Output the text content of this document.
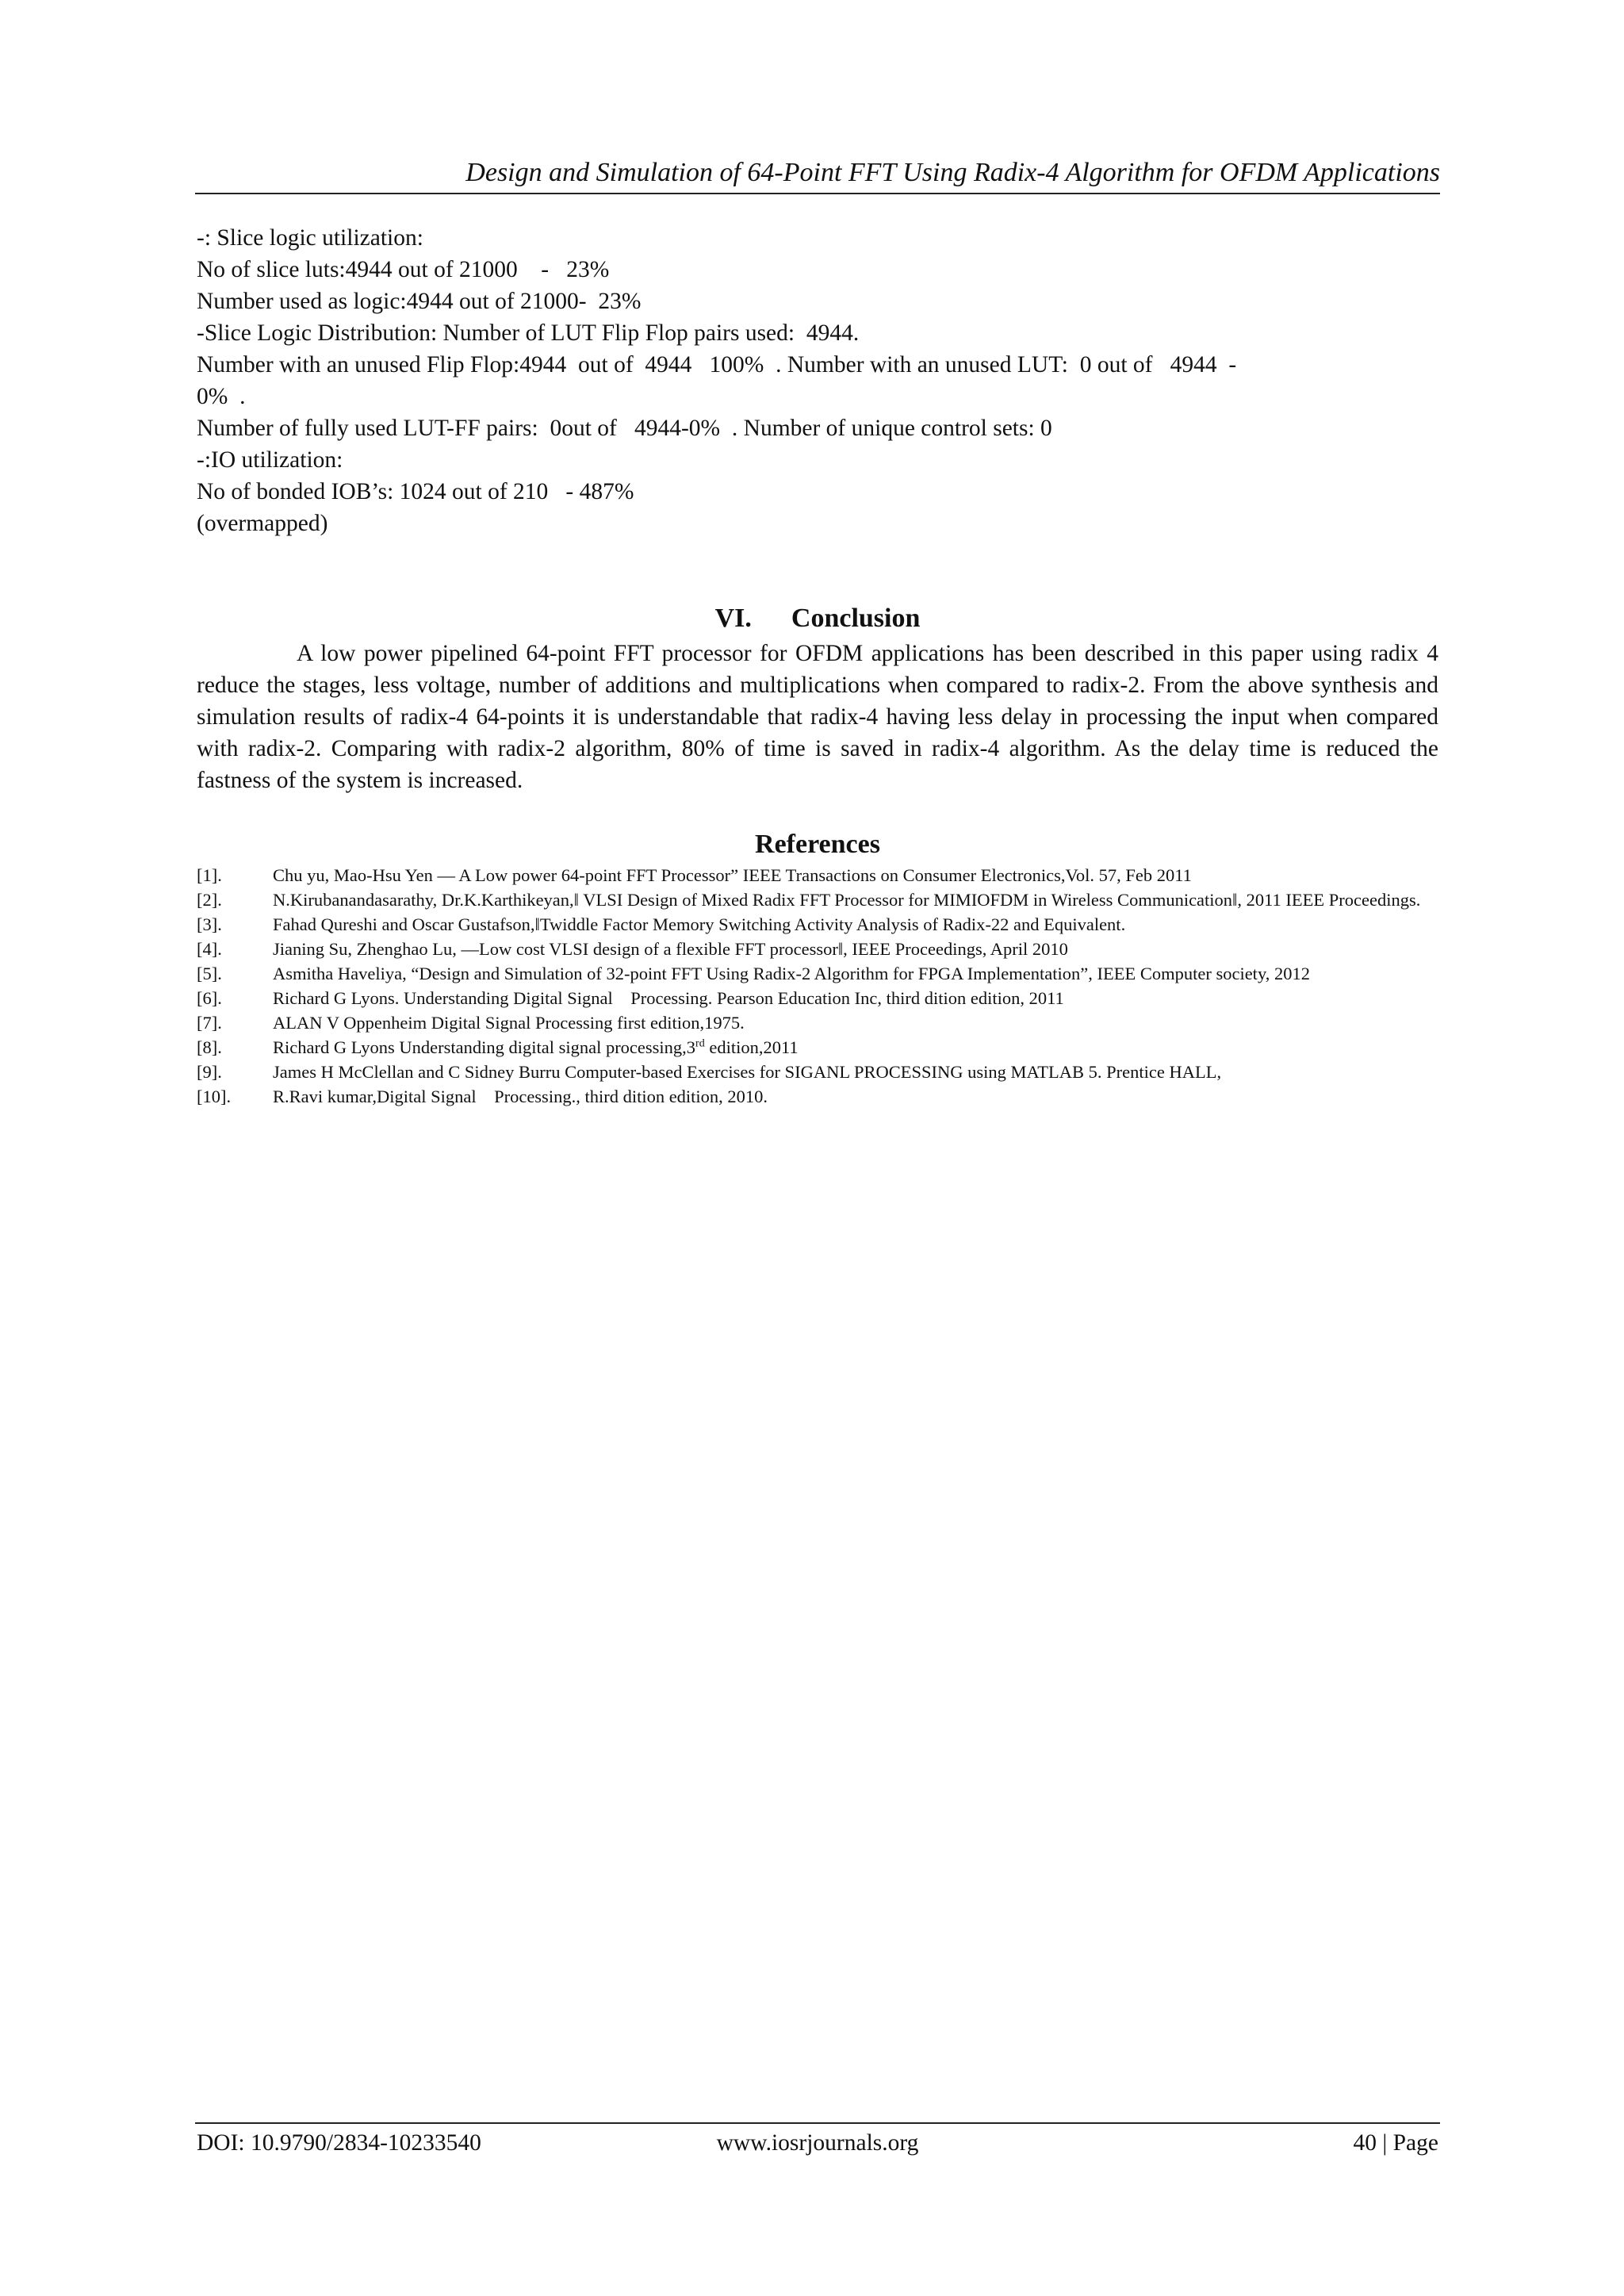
Design and Simulation of 64-Point FFT Using Radix-4 Algorithm for OFDM Applications
-: Slice logic utilization:
No of slice luts:4944 out of 21000    -   23%
Number used as logic:4944 out of 21000-  23%
-Slice Logic Distribution: Number of LUT Flip Flop pairs used:  4944.
Number with an unused Flip Flop:4944  out of  4944   100%  . Number with an unused LUT:  0 out of   4944  -
0%  .
Number of fully used LUT-FF pairs:  0out of   4944-0%  . Number of unique control sets: 0
-:IO utilization:
No of bonded IOB’s: 1024 out of 210   - 487%
(overmapped)
VI. Conclusion

A low power pipelined 64-point FFT processor for OFDM applications has been described in this paper using radix 4 reduce the stages, less voltage, number of additions and multiplications when compared to radix-2. From the above synthesis and simulation results of radix-4 64-points it is understandable that radix-4 having less delay in processing the input when compared with radix-2. Comparing with radix-2 algorithm, 80% of time is saved in radix-4 algorithm. As the delay time is reduced the fastness of the system is increased.

References
[1].	Chu yu, Mao-Hsu Yen ― A Low power 64-point FFT Processor” IEEE Transactions on Consumer Electronics,Vol. 57, Feb 2011
[2].	N.Kirubanandasarathy, Dr.K.Karthikeyan,‖ VLSI Design of Mixed Radix FFT Processor for MIMIOFDM in Wireless Communication‖, 2011 IEEE Proceedings.
[3].	Fahad Qureshi and Oscar Gustafson,‖Twiddle Factor Memory Switching Activity Analysis of Radix-22 and Equivalent.
[4].	Jianing Su, Zhenghao Lu, ―Low cost VLSI design of a flexible FFT processor‖, IEEE Proceedings, April 2010
[5].	Asmitha Haveliya, “Design and Simulation of 32-point FFT Using Radix-2 Algorithm for FPGA Implementation”, IEEE Computer society, 2012
[6].	Richard G Lyons. Understanding Digital Signal    Processing. Pearson Education Inc, third dition edition, 2011
[7].	ALAN V Oppenheim Digital Signal Processing first edition,1975.
[8].	Richard G Lyons Understanding digital signal processing,3rd edition,2011
[9].	James H McClellan and C Sidney Burru Computer-based Exercises for SIGANL PROCESSING using MATLAB 5. Prentice HALL,
[10].	R.Ravi kumar,Digital Signal    Processing., third dition edition, 2010.
DOI: 10.9790/2834-10233540	www.iosrjournals.org	40 | Page
